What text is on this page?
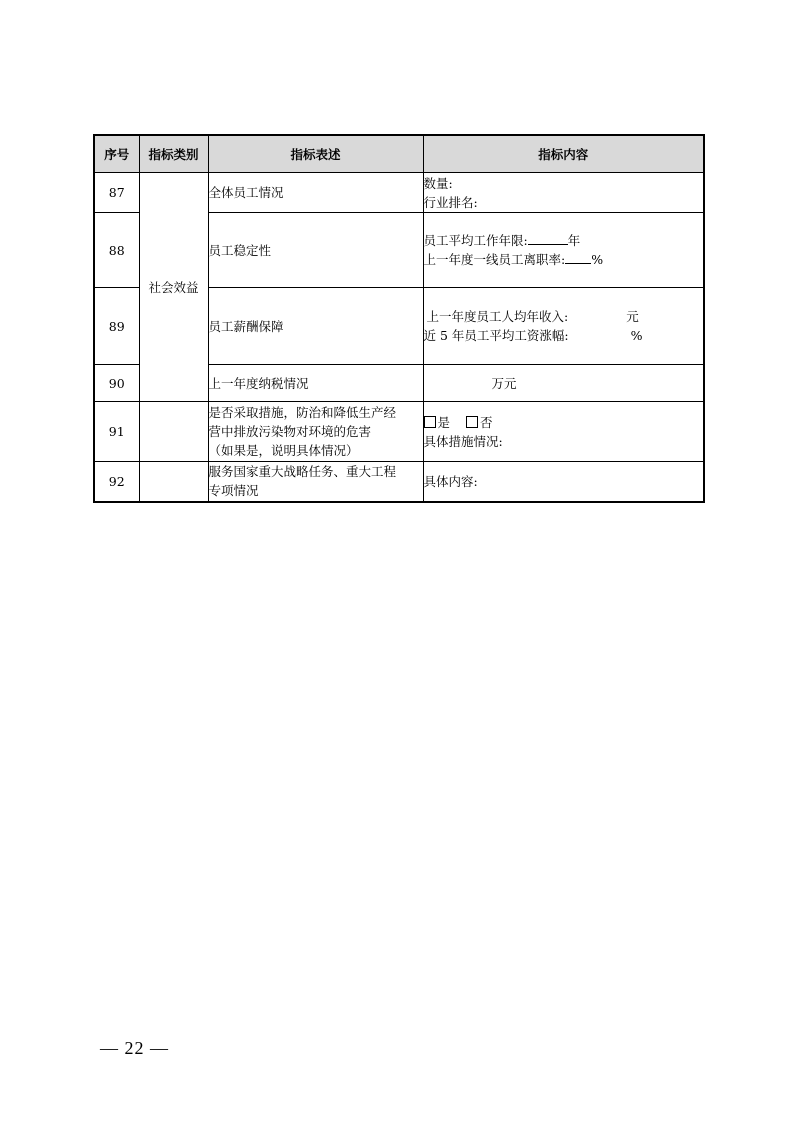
序号	指标类别	指标表述	指标内容
87	社会效益	全体员工情况	数量:
行业排名:

88		员工稳定性	员工平均工作年限: 年
上一年度一线员工离职率: %

89		员工薪酬保障	上一年度员工人均年收入: 元
近 5 年员工平均工资涨幅: %

90		上一年度纳税情况	万元
91		是否采取措施，防治和降低生产经
营中排放污染物对环境的危害
（如果是，说明具体情况）	是 否
具体措施情况:

92		服务国家重大战略任务、重大工程
专项情况	具体内容:
— 22 —
